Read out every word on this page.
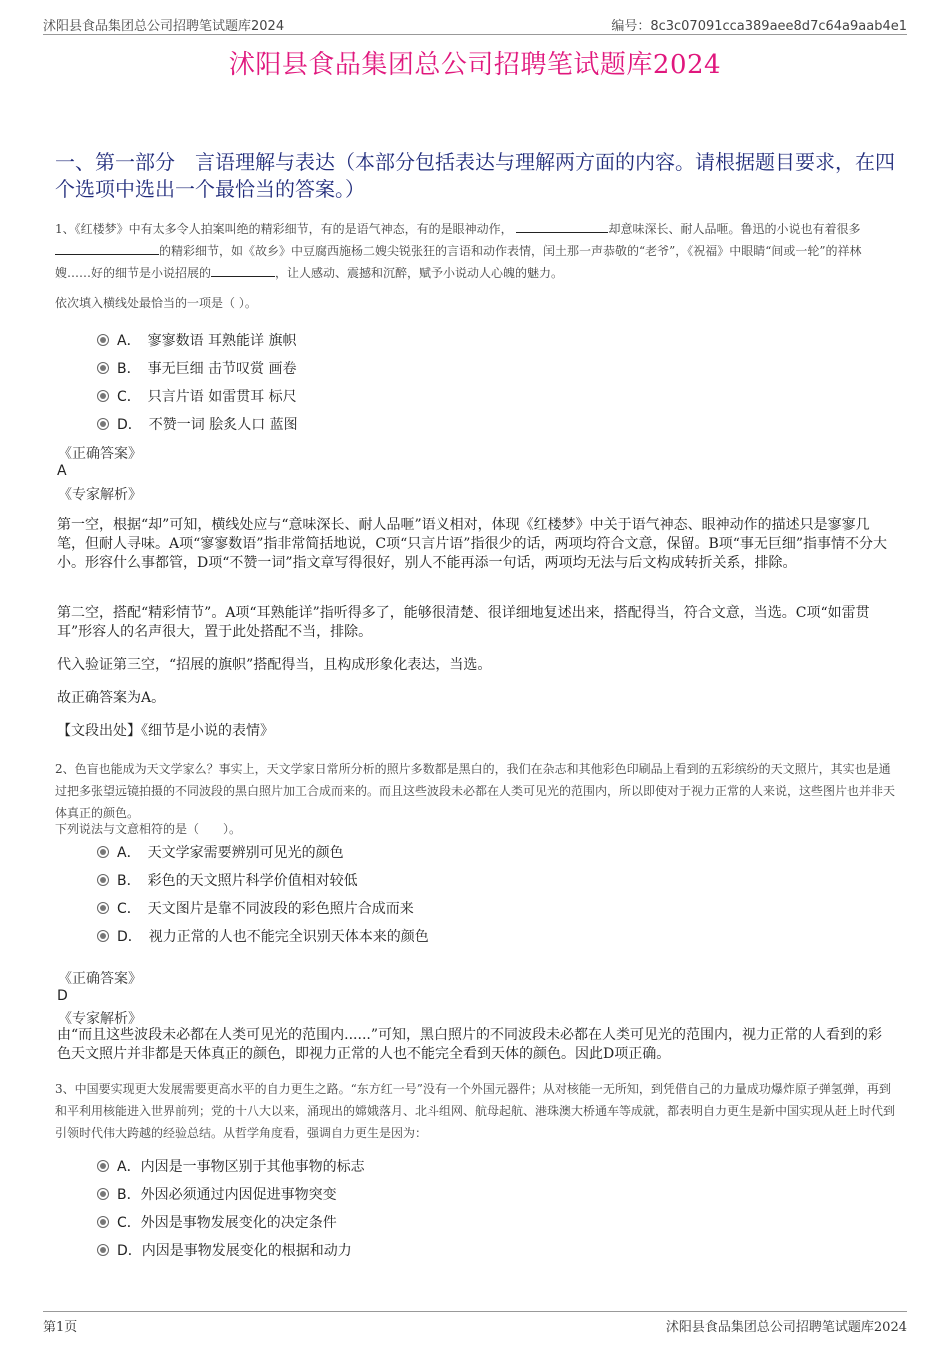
沭阳县食品集团总公司招聘笔试题库2024	编号：8c3c07091cca389aee8d7c64a9aab4e1
沭阳县食品集团总公司招聘笔试题库2024
一、第一部分　言语理解与表达（本部分包括表达与理解两方面的内容。请根据题目要求，在四个选项中选出一个最恰当的答案。）
1、《红楼梦》中有太多令人拍案叫绝的精彩细节，有的是语气神态，有的是眼神动作，	却意味深长、耐人品咂。鲁迅的小说也有着很多的精彩细节，如《故乡》中豆腐西施杨二嫂尖锐张狂的言语和动作表情，闰土那一声恭敬的“老爷”，《祝福》中眼睛“间或一轮”的祥林嫂……好的细节是小说招展的	，让人感动、震撼和沉醉，赋予小说动人心魄的魅力。
依次填入横线处最恰当的一项是（ ）。
A．　 寥寥数语 耳熟能详 旗帜
B．　 事无巨细 击节叹赏 画卷
C．　 只言片语 如雷贯耳 标尺
D．　 不赞一词 脍炙人口 蓝图
《正确答案》
A
《专家解析》
第一空，根据“却”可知，横线处应与“意味深长、耐人品咂”语义相对，体现《红楼梦》中关于语气神态、眼神动作的描述只是寥寥几笔，但耐人寻味。A项“寥寥数语”指非常简括地说，C项“只言片语”指很少的话，两项均符合文意，保留。B项“事无巨细”指事情不分大小。形容什么事都管，D项“不赞一词”指文章写得很好，别人不能再添一句话，两项均无法与后文构成转折关系，排除。
第二空，搭配“精彩情节”。A项“耳熟能详”指听得多了，能够很清楚、很详细地复述出来，搭配得当，符合文意，当选。C项“如雷贯耳”形容人的名声很大，置于此处搭配不当，排除。
代入验证第三空，“招展的旗帜”搭配得当，且构成形象化表达，当选。
故正确答案为A。
【文段出处】《细节是小说的表情》
2、色盲也能成为天文学家么？事实上，天文学家日常所分析的照片多数都是黑白的，我们在杂志和其他彩色印刷品上看到的五彩缤纷的天文照片，其实也是通过把多张望远镜拍摄的不同波段的黑白照片加工合成而来的。而且这些波段未必都在人类可见光的范围内，所以即使对于视力正常的人来说，这些图片也并非天体真正的颜色。
下列说法与文意相符的是（　　）。
A．　 天文学家需要辨别可见光的颜色
B．　 彩色的天文照片科学价值相对较低
C．　 天文图片是靠不同波段的彩色照片合成而来
D．　 视力正常的人也不能完全识别天体本来的颜色
《正确答案》
D
《专家解析》
由“而且这些波段未必都在人类可见光的范围内......”可知，黑白照片的不同波段未必都在人类可见光的范围内，视力正常的人看到的彩色天文照片并非都是天体真正的颜色，即视力正常的人也不能完全看到天体的颜色。因此D项正确。
3、中国要实现更大发展需要更高水平的自力更生之路。“东方红一号”没有一个外国元器件；从对核能一无所知，到凭借自己的力量成功爆炸原子弹氢弹，再到和平利用核能进入世界前列；党的十八大以来，涌现出的嫦娥落月、北斗组网、航母起航、港珠澳大桥通车等成就，都表明自力更生是新中国实现从赶上时代到引领时代伟大跨越的经验总结。从哲学角度看，强调自力更生是因为：
A．内因是一事物区别于其他事物的标志
B．外因必须通过内因促进事物突变
C．外因是事物发展变化的决定条件
D．内因是事物发展变化的根据和动力
第1页	沭阳县食品集团总公司招聘笔试题库2024
